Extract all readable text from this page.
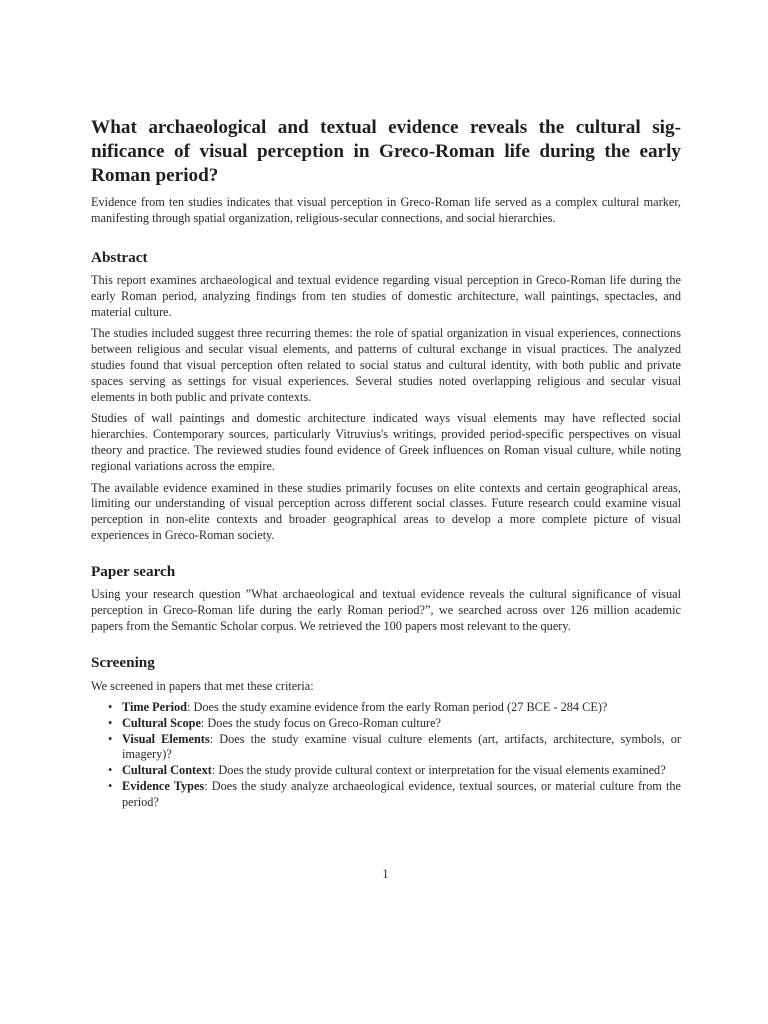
What archaeological and textual evidence reveals the cultural significance of visual perception in Greco-Roman life during the early Roman period?

Evidence from ten studies indicates that visual perception in Greco-Roman life served as a complex cultural marker, manifesting through spatial organization, religious-secular connections, and social hierarchies.

Abstract

This report examines archaeological and textual evidence regarding visual perception in Greco-Roman life during the early Roman period, analyzing findings from ten studies of domestic architecture, wall paintings, spectacles, and material culture.

The studies included suggest three recurring themes: the role of spatial organization in visual experiences, connections between religious and secular visual elements, and patterns of cultural exchange in visual practices. The analyzed studies found that visual perception often related to social status and cultural identity, with both public and private spaces serving as settings for visual experiences. Several studies noted overlapping religious and secular visual elements in both public and private contexts.

Studies of wall paintings and domestic architecture indicated ways visual elements may have reflected social hierarchies. Contemporary sources, particularly Vitruvius's writings, provided period-specific perspectives on visual theory and practice. The reviewed studies found evidence of Greek influences on Roman visual culture, while noting regional variations across the empire.

The available evidence examined in these studies primarily focuses on elite contexts and certain geographical areas, limiting our understanding of visual perception across different social classes. Future research could examine visual perception in non-elite contexts and broader geographical areas to develop a more complete picture of visual experiences in Greco-Roman society.

Paper search

Using your research question ”What archaeological and textual evidence reveals the cultural significance of visual perception in Greco-Roman life during the early Roman period?”, we searched across over 126 million academic papers from the Semantic Scholar corpus. We retrieved the 100 papers most relevant to the query.

Screening

We screened in papers that met these criteria:

• Time Period: Does the study examine evidence from the early Roman period (27 BCE - 284 CE)?
• Cultural Scope: Does the study focus on Greco-Roman culture?
• Visual Elements: Does the study examine visual culture elements (art, artifacts, architecture, symbols, or imagery)?
• Cultural Context: Does the study provide cultural context or interpretation for the visual elements examined?
• Evidence Types: Does the study analyze archaeological evidence, textual sources, or material culture from the period?
1
